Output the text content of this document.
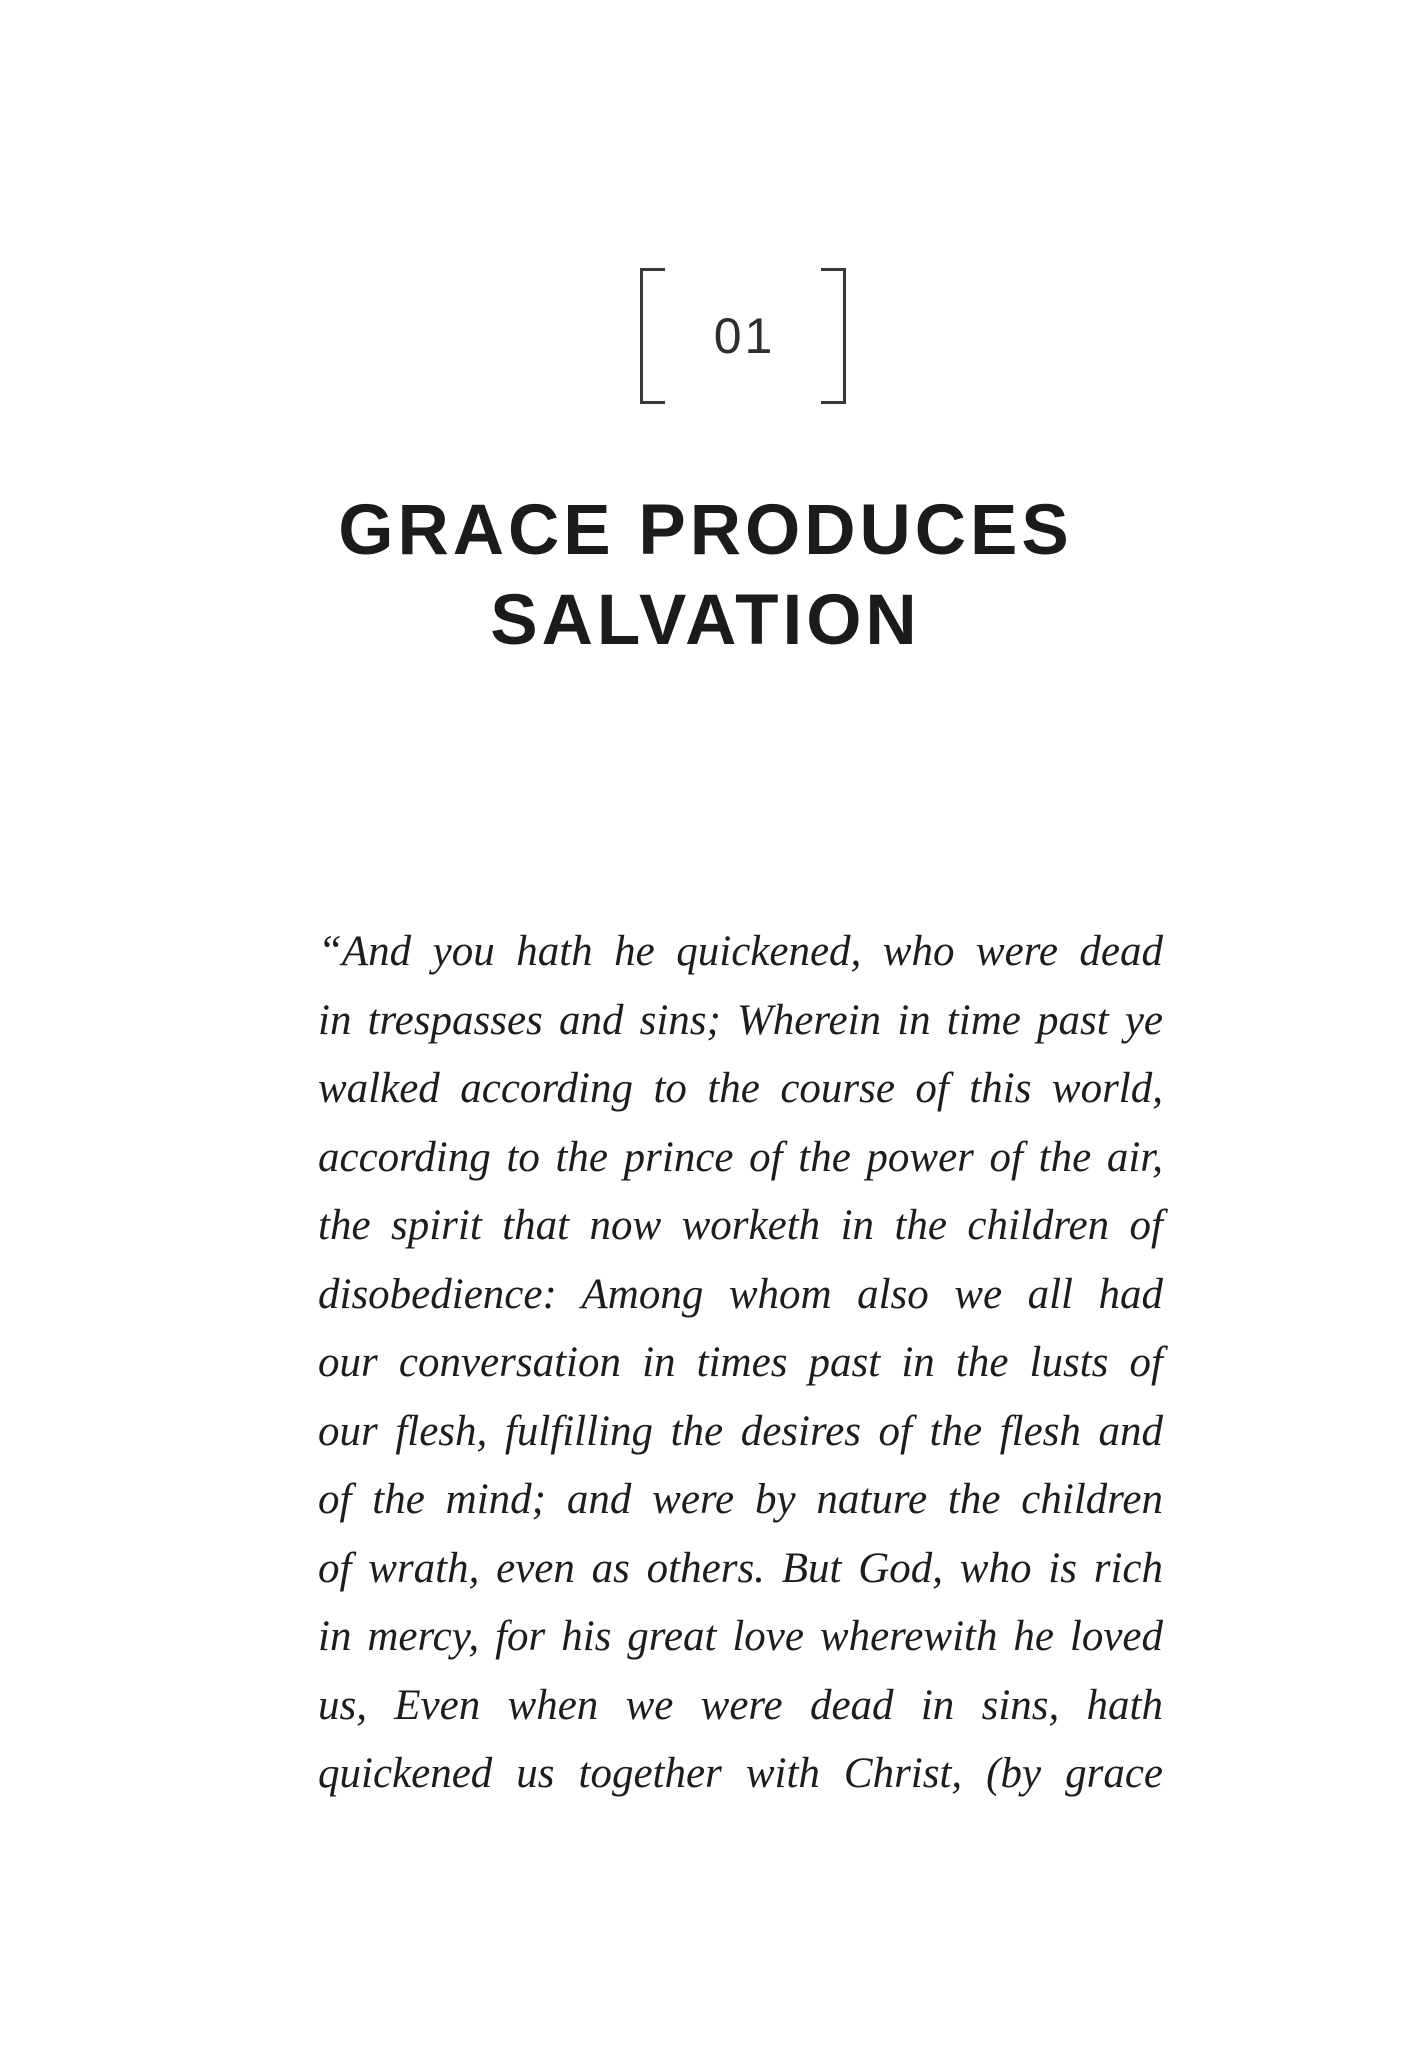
01
GRACE PRODUCES
SALVATION
“And you hath he quickened, who were dead
in trespasses and sins; Wherein in time past ye
walked according to the course of this world,
according to the prince of the power of the air,
the spirit that now worketh in the children of
disobedience: Among whom also we all had
our conversation in times past in the lusts of
our flesh, fulfilling the desires of the flesh and
of the mind; and were by nature the children
of wrath, even as others. But God, who is rich
in mercy, for his great love wherewith he loved
us, Even when we were dead in sins, hath
quickened us together with Christ, (by grace
